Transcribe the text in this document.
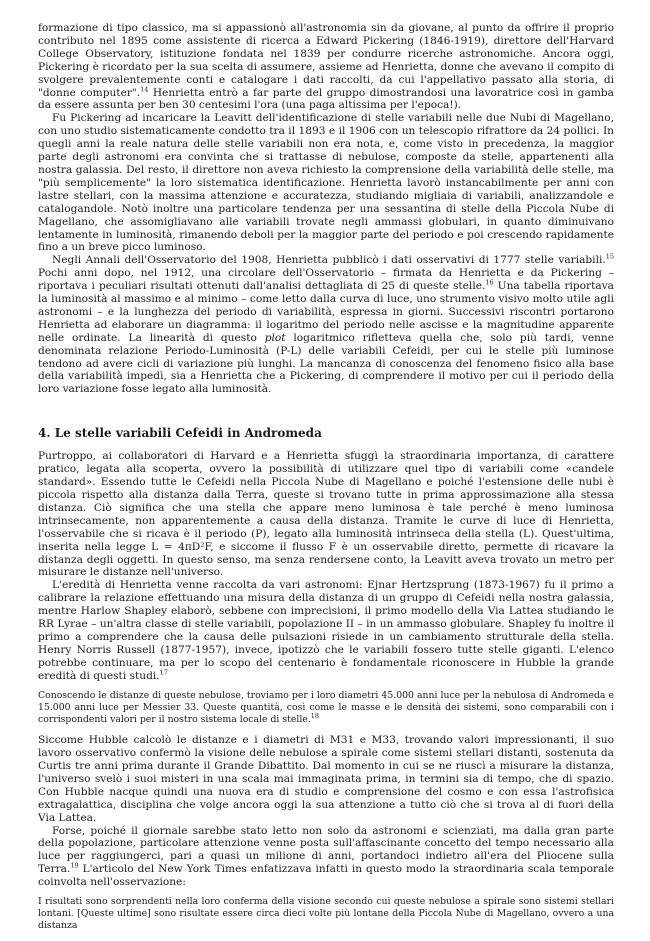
formazione di tipo classico, ma si appassionò all'astronomia sin da giovane, al punto da offrire il proprio contributo nel 1895 come assistente di ricerca a Edward Pickering (1846-1919), direttore dell'Harvard College Observatory, istituzione fondata nel 1839 per condurre ricerche astronomiche. Ancora oggi, Pickering è ricordato per la sua scelta di assumere, assieme ad Henrietta, donne che avevano il compito di svolgere prevalentemente conti e catalogare i dati raccolti, da cui l'appellativo passato alla storia, di "donne computer".$^{14}$ Henrietta entrò a far parte del gruppo dimostrandosi una lavoratrice così in gamba da essere assunta per ben 30 centesimi l'ora (una paga altissima per l'epoca!).

Fu Pickering ad incaricare la Leavitt dell'identificazione di stelle variabili nelle due Nubi di Magellano, con uno studio sistematicamente condotto tra il 1893 e il 1906 con un telescopio rifrattore da 24 pollici. In quegli anni la reale natura delle stelle variabili non era nota, e, come visto in precedenza, la maggior parte degli astronomi era convinta che si trattasse di nebulose, composte da stelle, appartenenti alla nostra galassia. Del resto, il direttore non aveva richiesto la comprensione della variabilità delle stelle, ma "più semplicemente" la loro sistematica identificazione. Henrietta lavorò instancabilmente per anni con lastre stellari, con la massima attenzione e accuratezza, studiando migliaia di variabili, analizzandole e catalogandole. Notò inoltre una particolare tendenza per una sessantina di stelle della Piccola Nube di Magellano, che assomigliavano alle variabili trovate negli ammassi globulari, in quanto diminuivano lentamente in luminosità, rimanendo deboli per la maggior parte del periodo e poi crescendo rapidamente fino a un breve picco luminoso.

Negli Annali dell'Osservatorio del 1908, Henrietta pubblicò i dati osservativi di 1777 stelle variabili.$^{15}$ Pochi anni dopo, nel 1912, una circolare dell'Osservatorio – firmata da Henrietta e da Pickering – riportava i peculiari risultati ottenuti dall'analisi dettagliata di 25 di queste stelle.$^{16}$ Una tabella riportava la luminosità al massimo e al minimo – come letto dalla curva di luce, uno strumento visivo molto utile agli astronomi – e la lunghezza del periodo di variabilità, espressa in giorni. Successivi riscontri portarono Henrietta ad elaborare un diagramma: il logaritmo del periodo nelle ascisse e la magnitudine apparente nelle ordinate. La linearità di questo plot logaritmico rifletteva quella che, solo più tardi, venne denominata relazione Periodo-Luminosità (P-L) delle variabili Cefeidi, per cui le stelle più luminose tendono ad avere cicli di variazione più lunghi. La mancanza di conoscenza del fenomeno fisico alla base della variabilità impedì, sia a Henrietta che a Pickering, di comprendere il motivo per cui il periodo della loro variazione fosse legato alla luminosità.

4. Le stelle variabili Cefeidi in Andromeda

Purtroppo, ai collaboratori di Harvard e a Henrietta sfuggì la straordinaria importanza, di carattere pratico, legata alla scoperta, ovvero la possibilità di utilizzare quel tipo di variabili come «candele standard». Essendo tutte le Cefeidi nella Piccola Nube di Magellano e poiché l'estensione delle nubi è piccola rispetto alla distanza dalla Terra, queste si trovano tutte in prima approssimazione alla stessa distanza. Ciò significa che una stella che appare meno luminosa è tale perché è meno luminosa intrinsecamente, non apparentemente a causa della distanza. Tramite le curve di luce di Henrietta, l'osservabile che si ricava è il periodo (P), legato alla luminosità intrinseca della stella (L). Quest'ultima, inserita nella legge L = 4πD²F, e siccome il flusso F è un osservabile diretto, permette di ricavare la distanza degli oggetti. In questo senso, ma senza rendersene conto, la Leavitt aveva trovato un metro per misurare le distanze nell'universo.

L'eredità di Henrietta venne raccolta da vari astronomi: Ejnar Hertzsprung (1873-1967) fu il primo a calibrare la relazione effettuando una misura della distanza di un gruppo di Cefeidi nella nostra galassia, mentre Harlow Shapley elaborò, sebbene con imprecisioni, il primo modello della Via Lattea studiando le RR Lyrae – un'altra classe di stelle variabili, popolazione II – in un ammasso globulare. Shapley fu inoltre il primo a comprendere che la causa delle pulsazioni risiede in un cambiamento strutturale della stella. Henry Norris Russell (1877-1957), invece, ipotizzò che le variabili fossero tutte stelle giganti. L'elenco potrebbe continuare, ma per lo scopo del centenario è fondamentale riconoscere in Hubble la grande eredità di questi studi.$^{17}$

Conoscendo le distanze di queste nebulose, troviamo per i loro diametri 45.000 anni luce per la nebulosa di Andromeda e 15.000 anni luce per Messier 33. Queste quantità, così come le masse e le densità dei sistemi, sono comparabili con i corrispondenti valori per il nostro sistema locale di stelle.$^{18}$

Siccome Hubble calcolò le distanze e i diametri di M31 e M33, trovando valori impressionanti, il suo lavoro osservativo confermò la visione delle nebulose a spirale come sistemi stellari distanti, sostenuta da Curtis tre anni prima durante il Grande Dibattito. Dal momento in cui se ne riuscì a misurare la distanza, l'universo svelò i suoi misteri in una scala mai immaginata prima, in termini sia di tempo, che di spazio. Con Hubble nacque quindi una nuova era di studio e comprensione del cosmo e con essa l'astrofisica extragalattica, disciplina che volge ancora oggi la sua attenzione a tutto ciò che si trova al di fuori della Via Lattea.

Forse, poiché il giornale sarebbe stato letto non solo da astronomi e scienziati, ma dalla gran parte della popolazione, particolare attenzione venne posta sull'affascinante concetto del tempo necessario alla luce per raggiungerci, pari a quasi un milione di anni, portandoci indietro all'era del Pliocene sulla Terra.$^{19}$ L'articolo del New York Times enfatizzava infatti in questo modo la straordinaria scala temporale coinvolta nell'osservazione:

I risultati sono sorprendenti nella loro conferma della visione secondo cui queste nebulose a spirale sono sistemi stellari lontani. [Queste ultime] sono risultate essere circa dieci volte più lontane della Piccola Nube di Magellano, ovvero a una distanza
